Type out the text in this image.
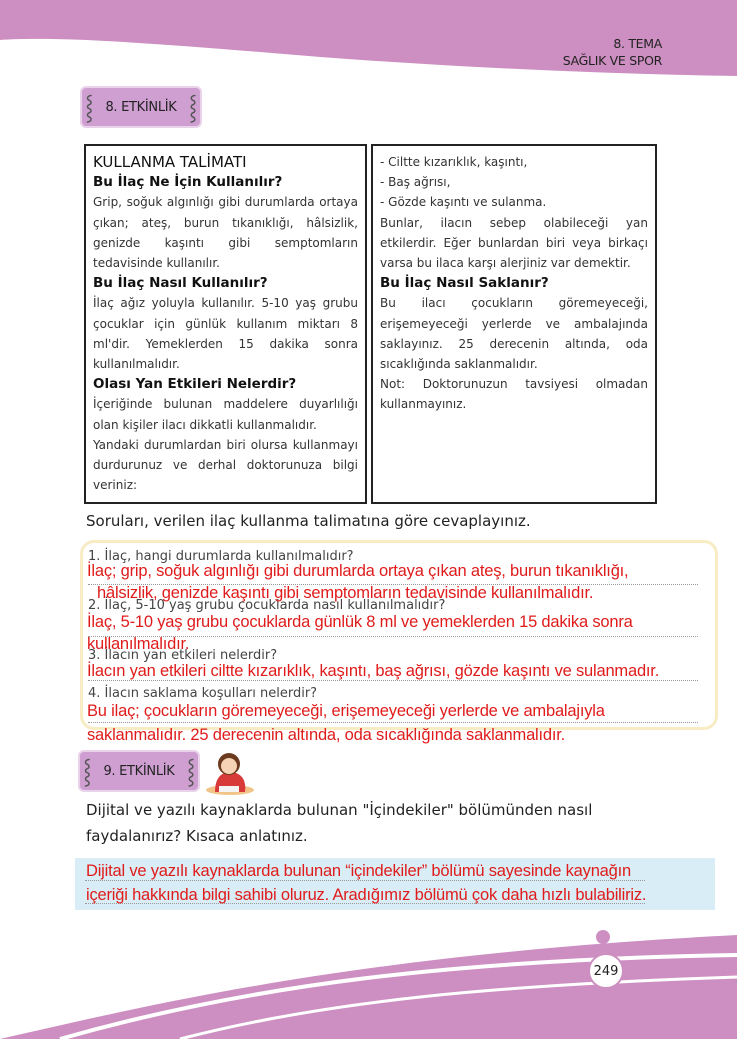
8. TEMA
SAĞLIK VE SPOR
⸾ 8. ETKİNLİK ⸾
KULLANMA TALİMATI
Bu İlaç Ne İçin Kullanılır?
Grip, soğuk algınlığı gibi durumlarda ortaya çıkan; ateş, burun tıkanıklığı, hâlsizlik, genizde kaşıntı gibi semptomların tedavisinde kullanılır.
Bu İlaç Nasıl Kullanılır?
İlaç ağız yoluyla kullanılır. 5-10 yaş grubu çocuklar için günlük kullanım miktarı 8 ml'dir. Yemeklerden 15 dakika sonra kullanılmalıdır.
Olası Yan Etkileri Nelerdir?
İçeriğinde bulunan maddelere duyarlılığı olan kişiler ilacı dikkatli kullanmalıdır.
Yandaki durumlardan biri olursa kullanmayı durdurunuz ve derhal doktorunuza bilgi veriniz:
- Ciltte kızarıklık, kaşıntı,
- Baş ağrısı,
- Gözde kaşıntı ve sulanma.
Bunlar, ilacın sebep olabileceği yan etkilerdir. Eğer bunlardan biri veya birkaçı varsa bu ilaca karşı alerjiniz var demektir.
Bu İlaç Nasıl Saklanır?
Bu ilacı çocukların göremeyeceği, erişemeyeceği yerlerde ve ambalajında saklayınız. 25 derecenin altında, oda sıcaklığında saklanmalıdır.
Not: Doktorunuzun tavsiyesi olmadan kullanmayınız.
Soruları, verilen ilaç kullanma talimatına göre cevaplayınız.
1. İlaç, hangi durumlarda kullanılmalıdır?
2. İlaç, 5-10 yaş grubu çocuklarda nasıl kullanılmalıdır?
3. İlacın yan etkileri nelerdir?
4. İlacın saklama koşulları nelerdir?
İlaç; grip, soğuk algınlığı gibi durumlarda ortaya çıkan ateş, burun tıkanıklığı,
hâlsizlik, genizde kaşıntı gibi semptomların tedavisinde kullanılmalıdır.
İlaç, 5-10 yaş grubu çocuklarda günlük 8 ml ve yemeklerden 15 dakika sonra
kullanılmalıdır.
İlacın yan etkileri ciltte kızarıklık, kaşıntı, baş ağrısı, gözde kaşıntı ve sulanmadır.
Bu ilaç; çocukların göremeyeceği, erişemeyeceği yerlerde ve ambalajıyla
saklanmalıdır. 25 derecenin altında, oda sıcaklığında saklanmalıdır.
⸾ 9. ETKİNLİK ⸾
Dijital ve yazılı kaynaklarda bulunan "İçindekiler" bölümünden nasıl faydalanırız? Kısaca anlatınız.
Dijital ve yazılı kaynaklarda bulunan “içindekiler” bölümü sayesinde kaynağın
içeriği hakkında bilgi sahibi oluruz. Aradığımız bölümü çok daha hızlı bulabiliriz.
249
